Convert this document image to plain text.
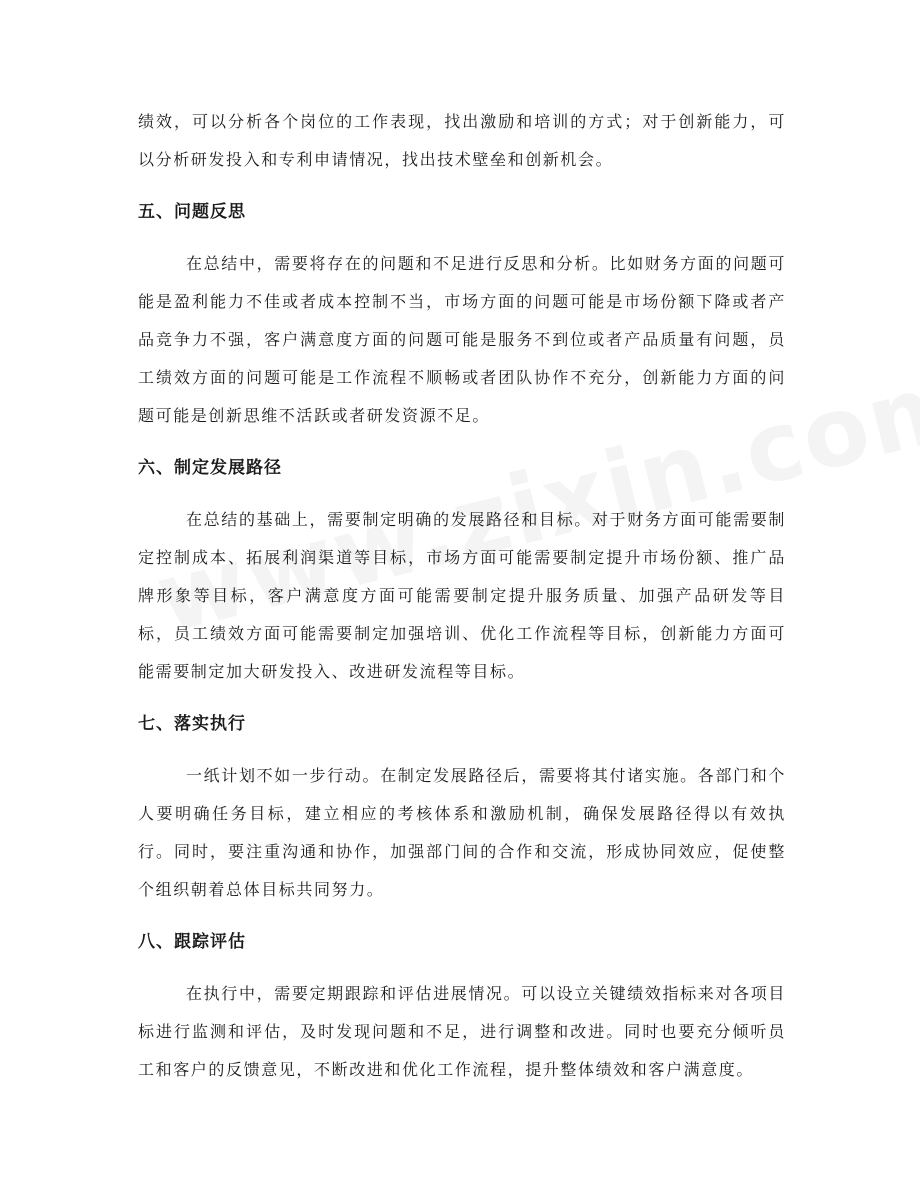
绩效，可以分析各个岗位的工作表现，找出激励和培训的方式；对于创新能力，可以分析研发投入和专利申请情况，找出技术壁垒和创新机会。

五、问题反思

在总结中，需要将存在的问题和不足进行反思和分析。比如财务方面的问题可能是盈利能力不佳或者成本控制不当，市场方面的问题可能是市场份额下降或者产品竞争力不强，客户满意度方面的问题可能是服务不到位或者产品质量有问题，员工绩效方面的问题可能是工作流程不顺畅或者团队协作不充分，创新能力方面的问题可能是创新思维不活跃或者研发资源不足。

六、制定发展路径

在总结的基础上，需要制定明确的发展路径和目标。对于财务方面可能需要制定控制成本、拓展利润渠道等目标，市场方面可能需要制定提升市场份额、推广品牌形象等目标，客户满意度方面可能需要制定提升服务质量、加强产品研发等目标，员工绩效方面可能需要制定加强培训、优化工作流程等目标，创新能力方面可能需要制定加大研发投入、改进研发流程等目标。

七、落实执行

一纸计划不如一步行动。在制定发展路径后，需要将其付诸实施。各部门和个人要明确任务目标，建立相应的考核体系和激励机制，确保发展路径得以有效执行。同时，要注重沟通和协作，加强部门间的合作和交流，形成协同效应，促使整个组织朝着总体目标共同努力。

八、跟踪评估

在执行中，需要定期跟踪和评估进展情况。可以设立关键绩效指标来对各项目标进行监测和评估，及时发现问题和不足，进行调整和改进。同时也要充分倾听员工和客户的反馈意见，不断改进和优化工作流程，提升整体绩效和客户满意度。
